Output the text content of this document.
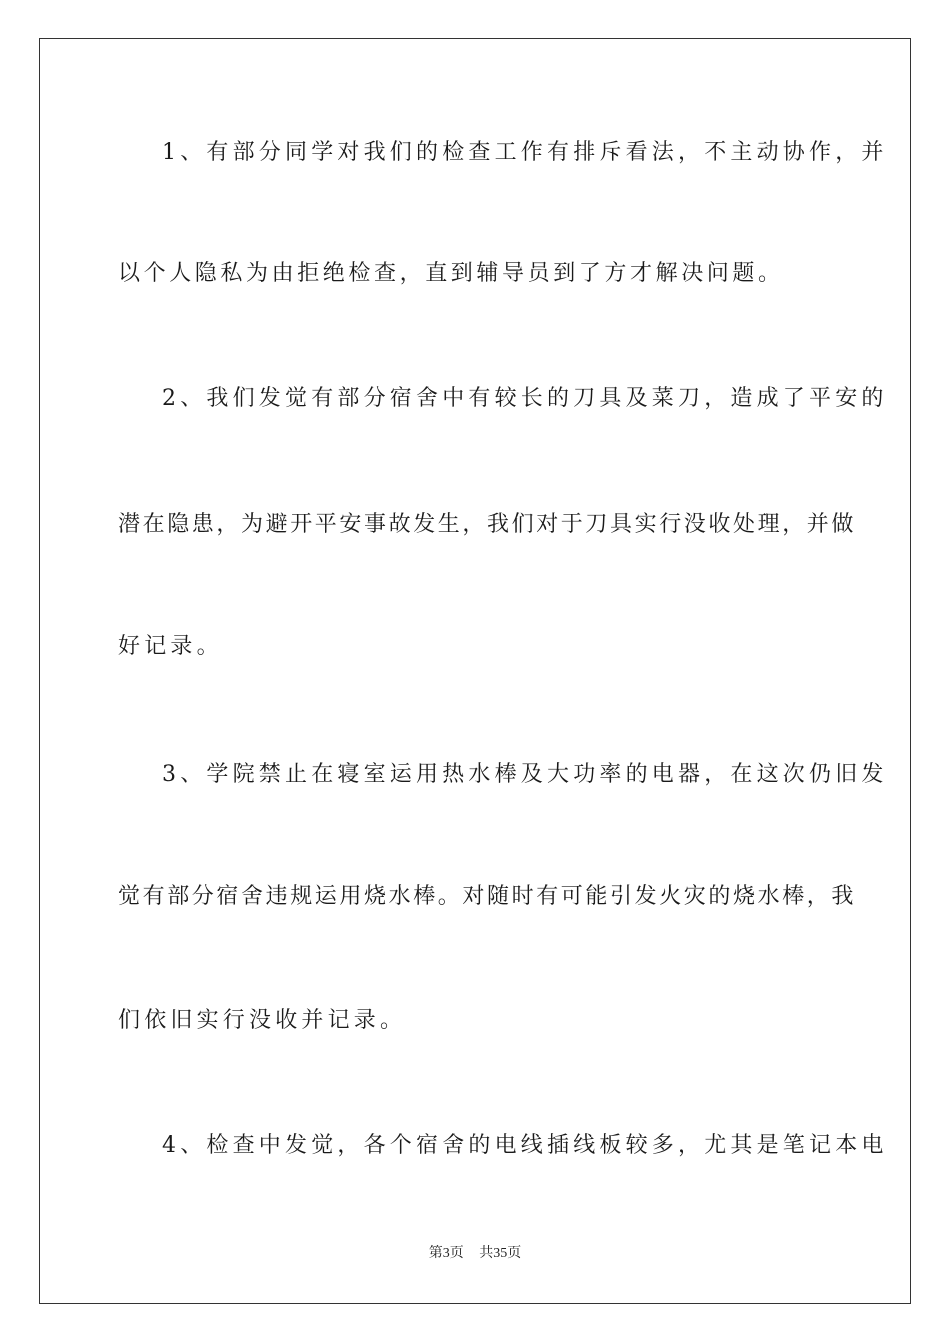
1、有部分同学对我们的检查工作有排斥看法，不主动协作，并
以个人隐私为由拒绝检查，直到辅导员到了方才解决问题。
2、我们发觉有部分宿舍中有较长的刀具及菜刀，造成了平安的
潜在隐患，为避开平安事故发生，我们对于刀具实行没收处理，并做
好记录。
3、学院禁止在寝室运用热水棒及大功率的电器，在这次仍旧发
觉有部分宿舍违规运用烧水棒。对随时有可能引发火灾的烧水棒，我
们依旧实行没收并记录。
4、检查中发觉，各个宿舍的电线插线板较多，尤其是笔记本电
第3页 共35页
